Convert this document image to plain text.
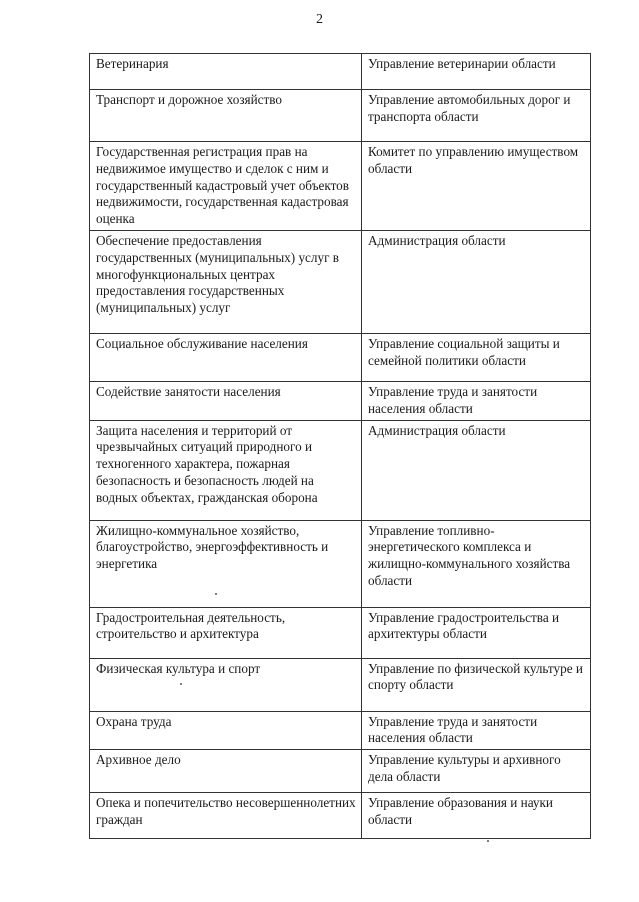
2
Ветеринария	Управление ветеринарии области
Транспорт и дорожное хозяйство	Управление автомобильных дорог и транспорта области
Государственная регистрация прав на недвижимое имущество и сделок с ним и государственный кадастровый учет объектов недвижимости, государственная кадастровая оценка	Комитет по управлению имуществом области
Обеспечение предоставления государственных (муниципальных) услуг в многофункциональных центрах предоставления государственных (муниципальных) услуг	Администрация области
Социальное обслуживание населения	Управление социальной защиты и семейной политики области
Содействие занятости населения	Управление труда и занятости населения области
Защита населения и территорий от чрезвычайных ситуаций природного и техногенного характера, пожарная безопасность и безопасность людей на водных объектах, гражданская оборона	Администрация области
Жилищно-коммунальное хозяйство, благоустройство, энергоэффективность и энергетика	Управление топливно-энергетического комплекса и жилищно-коммунального хозяйства области
Градостроительная деятельность, строительство и архитектура	Управление градостроительства и архитектуры области
Физическая культура и спорт	Управление по физической культуре и спорту области
Охрана труда	Управление труда и занятости населения области
Архивное дело	Управление культуры и архивного дела области
Опека и попечительство несовершеннолетних граждан	Управление образования и науки области
